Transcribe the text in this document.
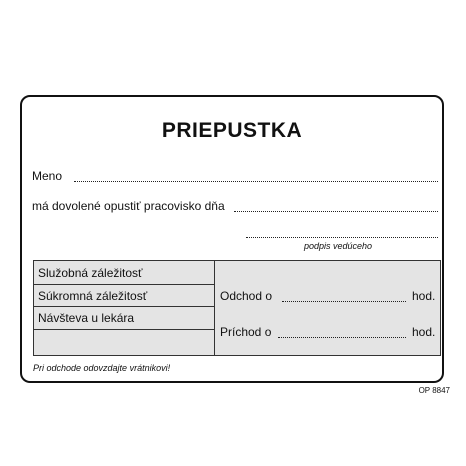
PRIEPUSTKA
Meno
má dovolené opustiť pracovisko dňa
podpis vedúceho
Služobná záležitosť
Súkromná záležitosť
Návšteva u lekára
Odchod o	hod.
Príchod o	hod.
Pri odchode odovzdajte vrátnikovi!
OP 8847
